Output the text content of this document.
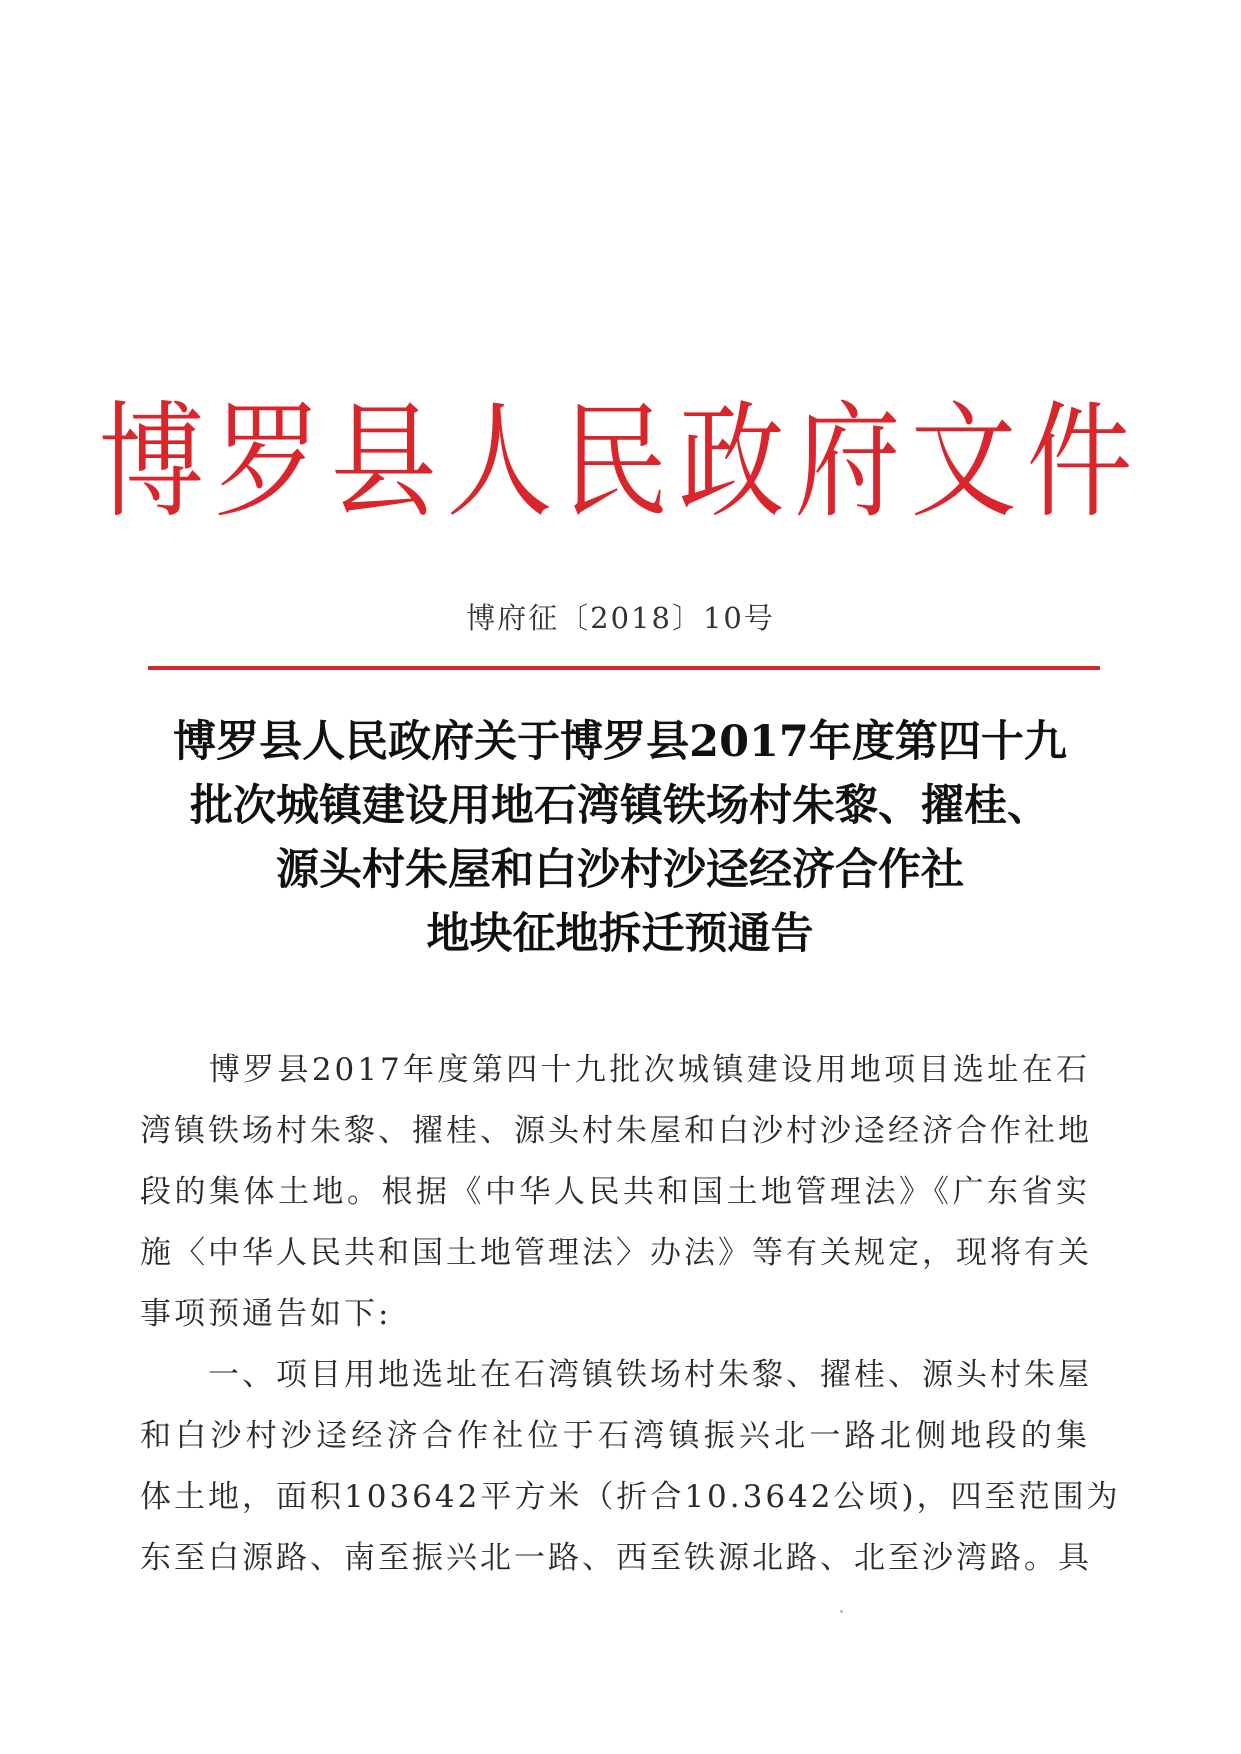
博罗县人民政府文件
博府征〔2018〕10号
博罗县人民政府关于博罗县2017年度第四十九
批次城镇建设用地石湾镇铁场村朱黎、擢桂、
源头村朱屋和白沙村沙迳经济合作社
地块征地拆迁预通告
　　博罗县2017年度第四十九批次城镇建设用地项目选址在石
湾镇铁场村朱黎、擢桂、源头村朱屋和白沙村沙迳经济合作社地
段的集体土地。根据《中华人民共和国土地管理法》《广东省实
施〈中华人民共和国土地管理法〉办法》等有关规定，现将有关
事项预通告如下:
　　一、项目用地选址在石湾镇铁场村朱黎、擢桂、源头村朱屋
和白沙村沙迳经济合作社位于石湾镇振兴北一路北侧地段的集
体土地，面积103642平方米（折合10.3642公顷)，四至范围为
东至白源路、南至振兴北一路、西至铁源北路、北至沙湾路。具
